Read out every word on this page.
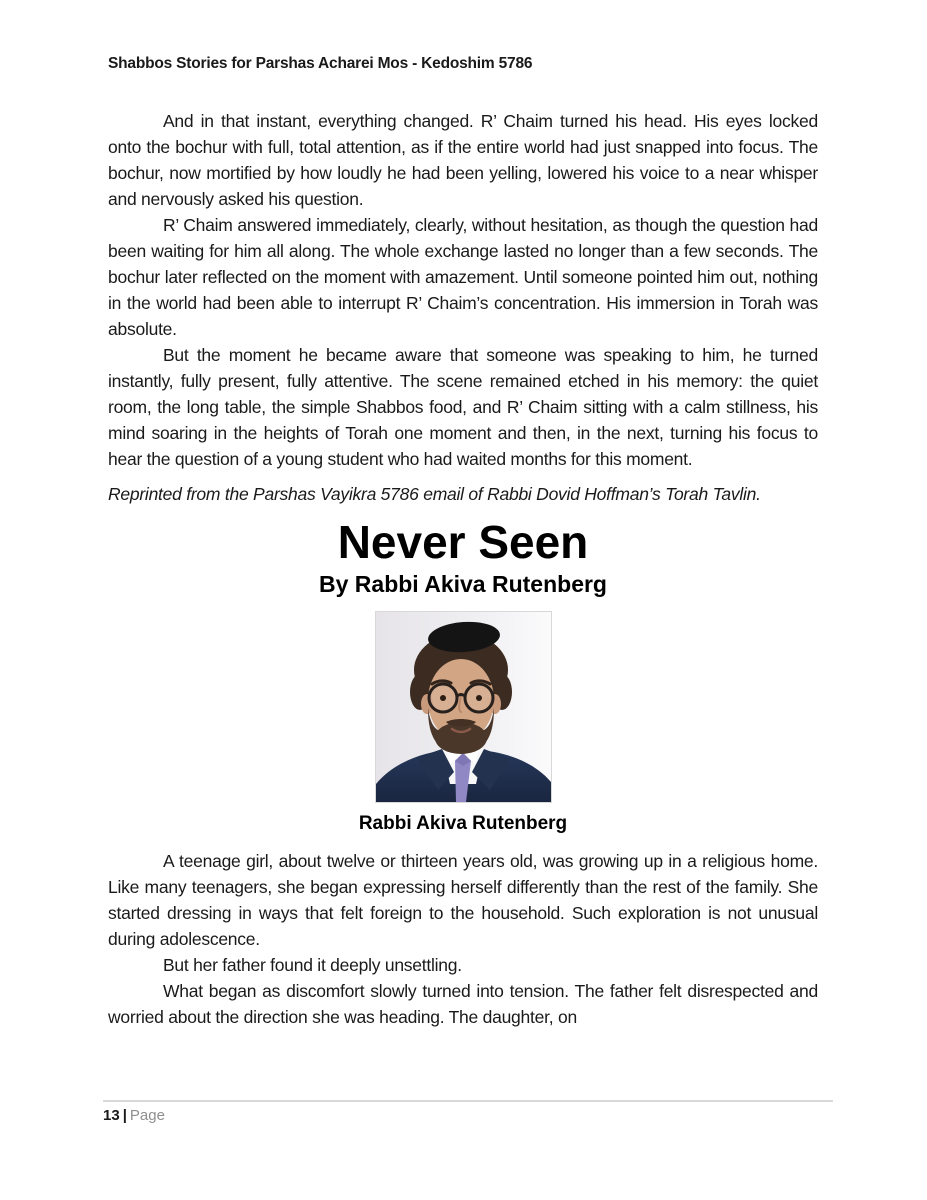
Shabbos Stories for Parshas Acharei Mos - Kedoshim 5786

And in that instant, everything changed. R’ Chaim turned his head. His eyes locked onto the bochur with full, total attention, as if the entire world had just snapped into focus. The bochur, now mortified by how loudly he had been yelling, lowered his voice to a near whisper and nervously asked his question.

R’ Chaim answered immediately, clearly, without hesitation, as though the question had been waiting for him all along. The whole exchange lasted no longer than a few seconds. The bochur later reflected on the moment with amazement. Until someone pointed him out, nothing in the world had been able to interrupt R’ Chaim’s concentration. His immersion in Torah was absolute.

But the moment he became aware that someone was speaking to him, he turned instantly, fully present, fully attentive. The scene remained etched in his memory: the quiet room, the long table, the simple Shabbos food, and R’ Chaim sitting with a calm stillness, his mind soaring in the heights of Torah one moment and then, in the next, turning his focus to hear the question of a young student who had waited months for this moment.

Reprinted from the Parshas Vayikra 5786 email of Rabbi Dovid Hoffman’s Torah Tavlin.

Never Seen
By Rabbi Akiva Rutenberg

Rabbi Akiva Rutenberg

A teenage girl, about twelve or thirteen years old, was growing up in a religious home. Like many teenagers, she began expressing herself differently than the rest of the family. She started dressing in ways that felt foreign to the household. Such exploration is not unusual during adolescence.

But her father found it deeply unsettling.

What began as discomfort slowly turned into tension. The father felt disrespected and worried about the direction she was heading. The daughter, on

13 | Page
